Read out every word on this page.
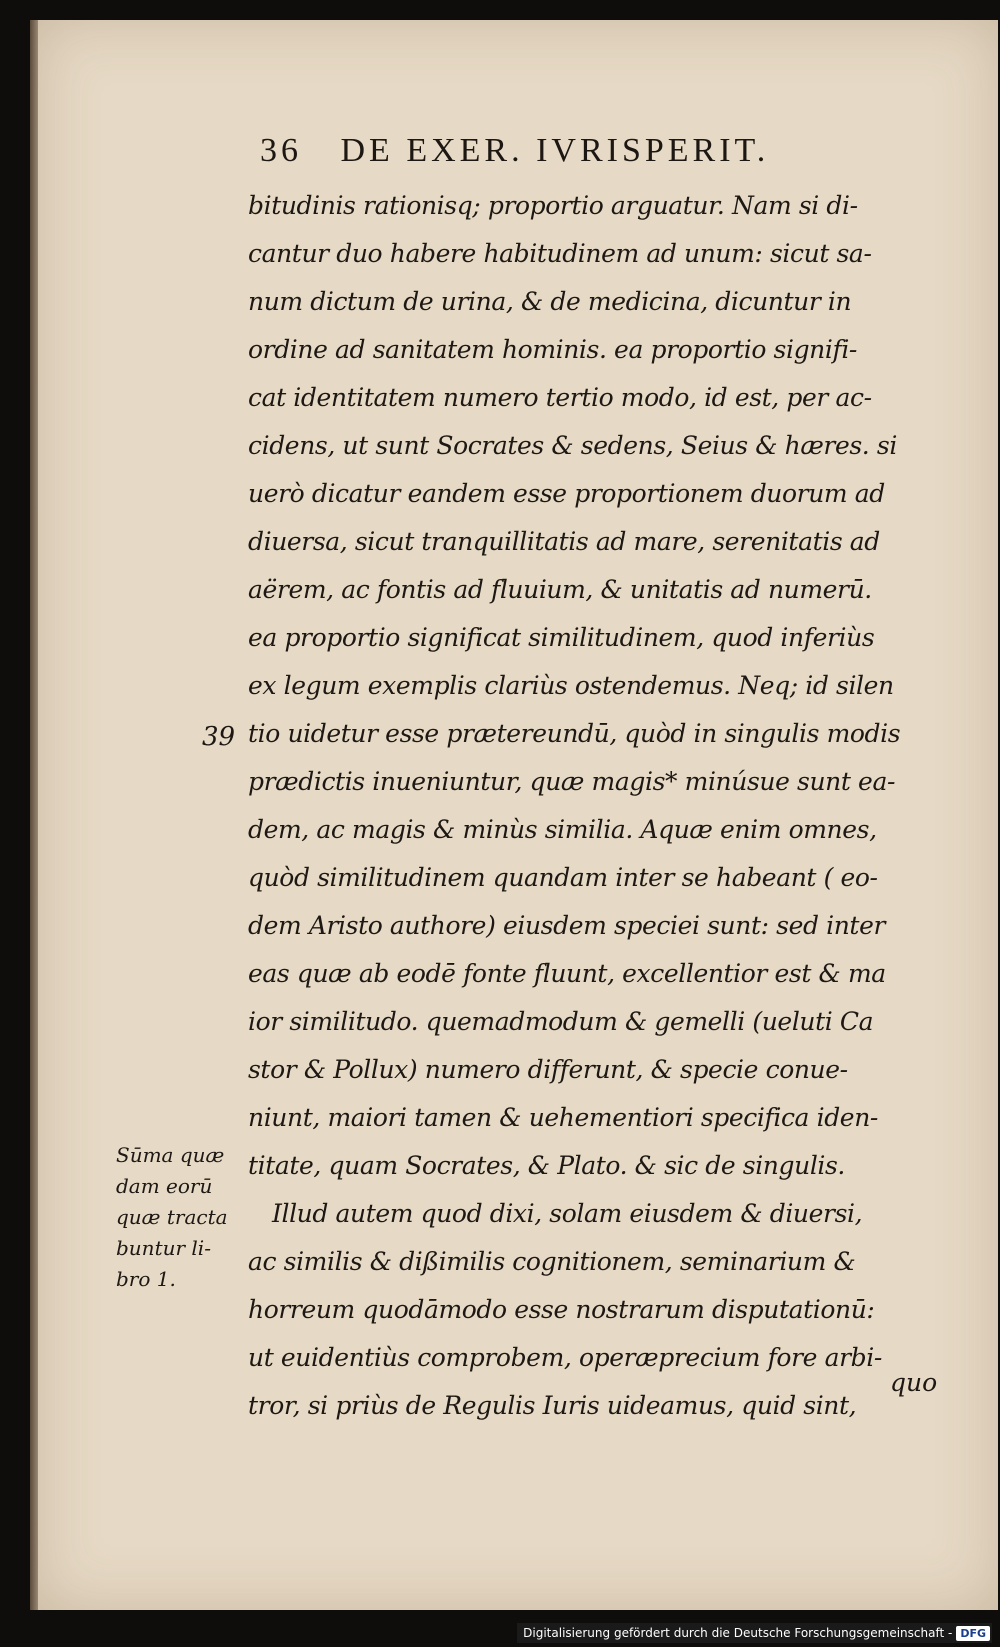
36 DE EXER. IVRISPERIT.
bitudinis rationisq; proportio arguatur. Nam si di-
cantur duo habere habitudinem ad unum: sicut sa-
num dictum de urina, & de medicina, dicuntur in
ordine ad sanitatem hominis. ea proportio signifi-
cat identitatem numero tertio modo, id est, per ac-
cidens, ut sunt Socrates & sedens, Seius & hæres. si
uerò dicatur eandem esse proportionem duorum ad
diuersa, sicut tranquillitatis ad mare, serenitatis ad
aërem, ac fontis ad fluuium, & unitatis ad numerū.
ea proportio significat similitudinem, quod inferiùs
ex legum exemplis clariùs ostendemus. Neq; id silen
tio uidetur esse prætereundū, quòd in singulis modis
prædictis inueniuntur, quæ magis* minúsue sunt ea-
dem, ac magis & minùs similia. Aquæ enim omnes,
quòd similitudinem quandam inter se habeant ( eo-
dem Aristo authore) eiusdem speciei sunt: sed inter
eas quæ ab eodē fonte fluunt, excellentior est & ma
ior similitudo. quemadmodum & gemelli (ueluti Ca
stor & Pollux) numero differunt, & specie conue-
niunt, maiori tamen & uehementiori specifica iden-
titate, quam Socrates, & Plato. & sic de singulis.
Illud autem quod dixi, solam eiusdem & diuersi,
ac similis & dißimilis cognitionem, seminarium &
horreum quodāmodo esse nostrarum disputationū:
ut euidentiùs comprobem, operæprecium fore arbi-
tror, si priùs de Regulis Iuris uideamus, quid sint,
39
Sūma quæ
dam eorū
quæ tracta
buntur li-
bro 1.
quo
Digitalisierung gefördert durch die Deutsche Forschungsgemeinschaft - DFG
